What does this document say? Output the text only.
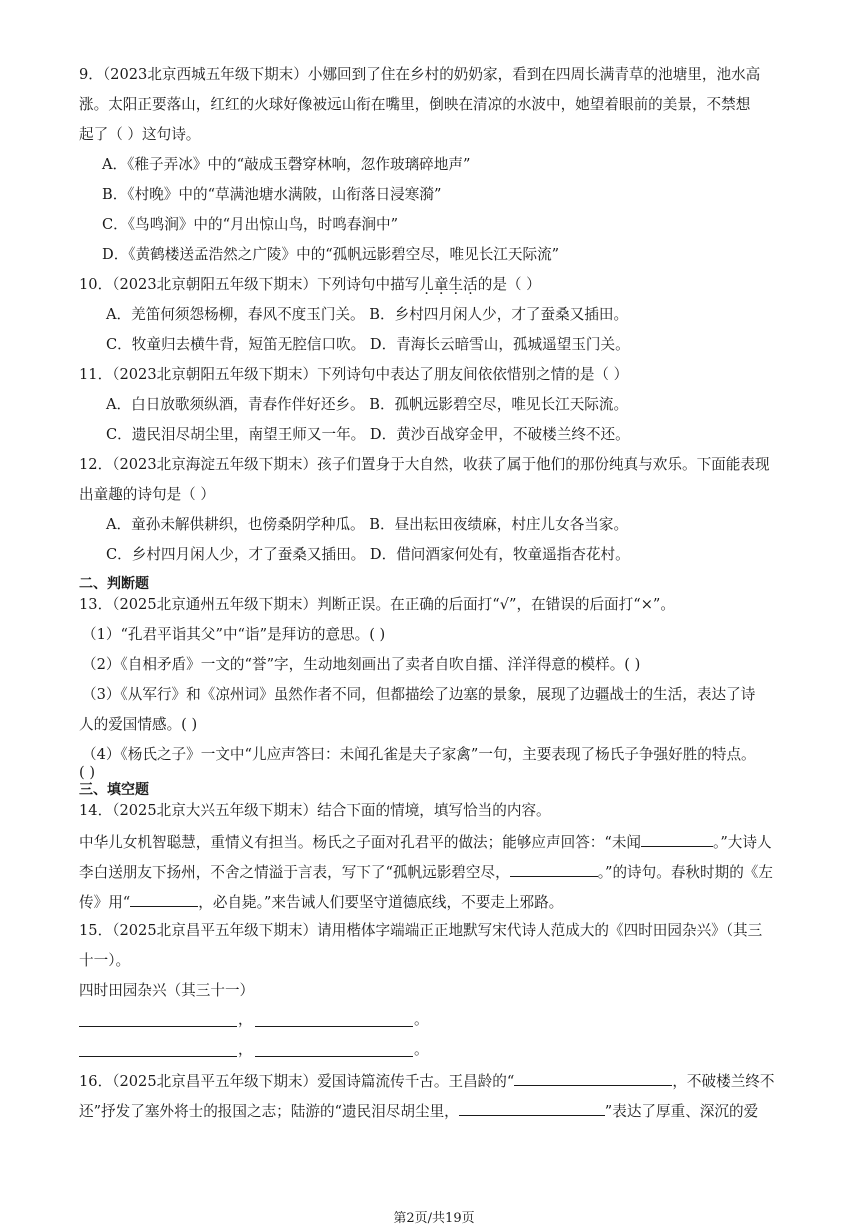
9．（2023北京西城五年级下期末）小娜回到了住在乡村的奶奶家，看到在四周长满青草的池塘里，池水高
涨。太阳正要落山，红红的火球好像被远山衔在嘴里，倒映在清凉的水波中，她望着眼前的美景，不禁想
起了（ ）这句诗。
A．《稚子弄冰》中的“敲成玉磬穿林响，忽作玻璃碎地声”
B．《村晚》中的“草满池塘水满陂，山衔落日浸寒漪”
C．《鸟鸣涧》中的“月出惊山鸟，时鸣春涧中”
D．《黄鹤楼送孟浩然之广陵》中的“孤帆远影碧空尽，唯见长江天际流”
10．（2023北京朝阳五年级下期末）下列诗句中描写儿童生活的是（ ）
A．羌笛何须怨杨柳，春风不度玉门关。 B．乡村四月闲人少，才了蚕桑又插田。
C．牧童归去横牛背，短笛无腔信口吹。 D．青海长云暗雪山，孤城遥望玉门关。
11．（2023北京朝阳五年级下期末）下列诗句中表达了朋友间依依惜别之情的是（ ）
A．白日放歌须纵酒，青春作伴好还乡。 B．孤帆远影碧空尽，唯见长江天际流。
C．遗民泪尽胡尘里，南望王师又一年。 D．黄沙百战穿金甲，不破楼兰终不还。
12．（2023北京海淀五年级下期末）孩子们置身于大自然，收获了属于他们的那份纯真与欢乐。下面能表现
出童趣的诗句是（ ）
A．童孙未解供耕织，也傍桑阴学种瓜。 B．昼出耘田夜绩麻，村庄儿女各当家。
C．乡村四月闲人少，才了蚕桑又插田。 D．借问酒家何处有，牧童遥指杏花村。
二、判断题
13．（2025北京通州五年级下期末）判断正误。在正确的后面打“√”，在错误的后面打“×”。
（1）“孔君平诣其父”中“诣”是拜访的意思。( )
（2）《自相矛盾》一文的“誉”字，生动地刻画出了卖者自吹自擂、洋洋得意的模样。( )
（3）《从军行》和《凉州词》虽然作者不同，但都描绘了边塞的景象，展现了边疆战士的生活，表达了诗
人的爱国情感。( )
（4）《杨氏之子》一文中“儿应声答曰：未闻孔雀是夫子家禽”一句，主要表现了杨氏子争强好胜的特点。
( )
三、填空题
14．（2025北京大兴五年级下期末）结合下面的情境，填写恰当的内容。
中华儿女机智聪慧，重情义有担当。杨氏之子面对孔君平的做法；能够应声回答：“未闻	。”大诗人
李白送朋友下扬州，不舍之情溢于言表，写下了“孤帆远影碧空尽，	。”的诗句。春秋时期的《左
传》用“	，必自毙。”来告诫人们要坚守道德底线，不要走上邪路。
15．（2025北京昌平五年级下期末）请用楷体字端端正正地默写宋代诗人范成大的《四时田园杂兴》（其三
十一）。
四时田园杂兴（其三十一）
，	。
，	。
16．（2025北京昌平五年级下期末）爱国诗篇流传千古。王昌龄的“	，不破楼兰终不
还”抒发了塞外将士的报国之志；陆游的“遗民泪尽胡尘里，	”表达了厚重、深沉的爱
第2页/共19页
